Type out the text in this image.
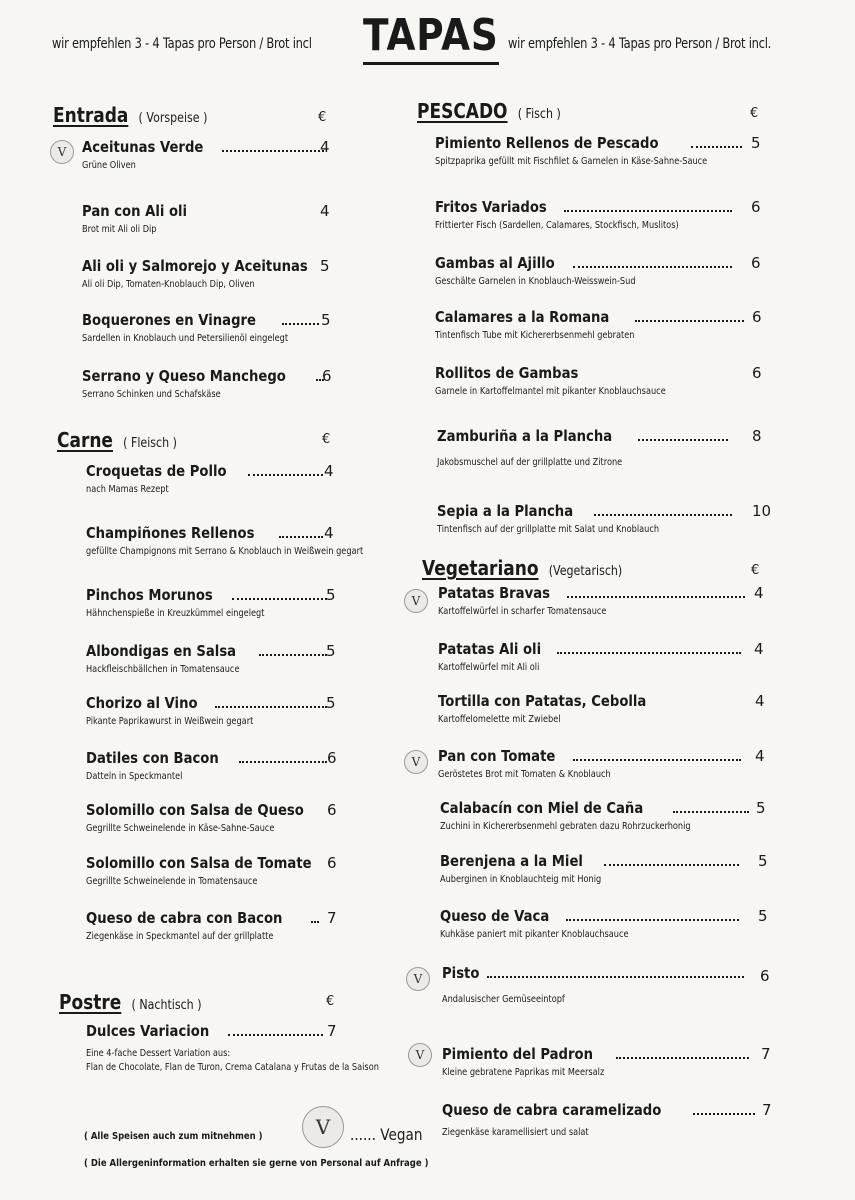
wir empfehlen 3 - 4 Tapas pro Person / Brot incl TAPAS wir empfehlen 3 - 4 Tapas pro Person / Brot incl.
Entrada ( Vorspeise )	€
V	Aceitunas Verde
Grüne Oliven
4
Pan con Ali oli
Brot mit Ali oli Dip
4
Ali oli y Salmorejo y Aceitunas
Ali oli Dip, Tomaten-Knoblauch Dip, Oliven
5
Boquerones en Vinagre
Sardellen in Knoblauch und Petersilienöl eingelegt
5
Serrano y Queso Manchego
Serrano Schinken und Schafskäse
6
Carne ( Fleisch )	€
Croquetas de Pollo
nach Mamas Rezept
4
Champiñones Rellenos
gefüllte Champignons mit Serrano & Knoblauch in Weißwein gegart
4
Pinchos Morunos
Hähnchenspieße in Kreuzkümmel eingelegt
5
Albondigas en Salsa
Hackfleischbällchen in Tomatensauce
5
Chorizo al Vino
Pikante Paprikawurst in Weißwein gegart
5
Datiles con Bacon
Datteln in Speckmantel
6
Solomillo con Salsa de Queso
Gegrillte Schweinelende in Käse-Sahne-Sauce
6
Solomillo con Salsa de Tomate
Gegrillte Schweinelende in Tomatensauce
6
Queso de cabra con Bacon
Ziegenkäse in Speckmantel auf der grillplatte
7
Postre ( Nachtisch )	€
Dulces Variacion
Eine 4-fache Dessert Variation aus:
Flan de Chocolate, Flan de Turon, Crema Catalana y Frutas de la Saison
7
PESCADO ( Fisch )	€
Pimiento Rellenos de Pescado
Spitzpaprika gefüllt mit Fischfilet & Garnelen in Käse-Sahne-Sauce
5
Fritos Variados
Frittierter Fisch (Sardellen, Calamares, Stockfisch, Muslitos)
6
Gambas al Ajillo
Geschälte Garnelen in Knoblauch-Weisswein-Sud
6
Calamares a la Romana
Tintenfisch Tube mit Kichererbsenmehl gebraten
6
Rollitos de Gambas
Garnele in Kartoffelmantel mit pikanter Knoblauchsauce
6
Zamburiña a la Plancha
Jakobsmuschel auf der grillplatte und Zitrone
8
Sepia a la Plancha
Tintenfisch auf der grillplatte mit Salat und Knoblauch
10
Vegetariano (Vegetarisch)	€
V	Patatas Bravas
Kartoffelwürfel in scharfer Tomatensauce
4
Patatas Ali oli
Kartoffelwürfel mit Ali oli
4
Tortilla con Patatas, Cebolla
Kartoffelomelette mit Zwiebel
4
V	Pan con Tomate
Geröstetes Brot mit Tomaten & Knoblauch
4
Calabacín con Miel de Caña
Zuchini in Kichererbsenmehl gebraten dazu Rohrzuckerhonig
5
Berenjena a la Miel
Auberginen in Knoblauchteig mit Honig
5
Queso de Vaca
Kuhkäse paniert mit pikanter Knoblauchsauce
5
V	Pisto
Andalusischer Gemüseeintopf
6
V	Pimiento del Padron
Kleine gebratene Paprikas mit Meersalz
7
Queso de cabra caramelizado
Ziegenkäse karamellisiert und salat
7
( Alle Speisen auch zum mitnehmen )	V	...... Vegan
( Die Allergeninformation erhalten sie gerne von Personal auf Anfrage )
